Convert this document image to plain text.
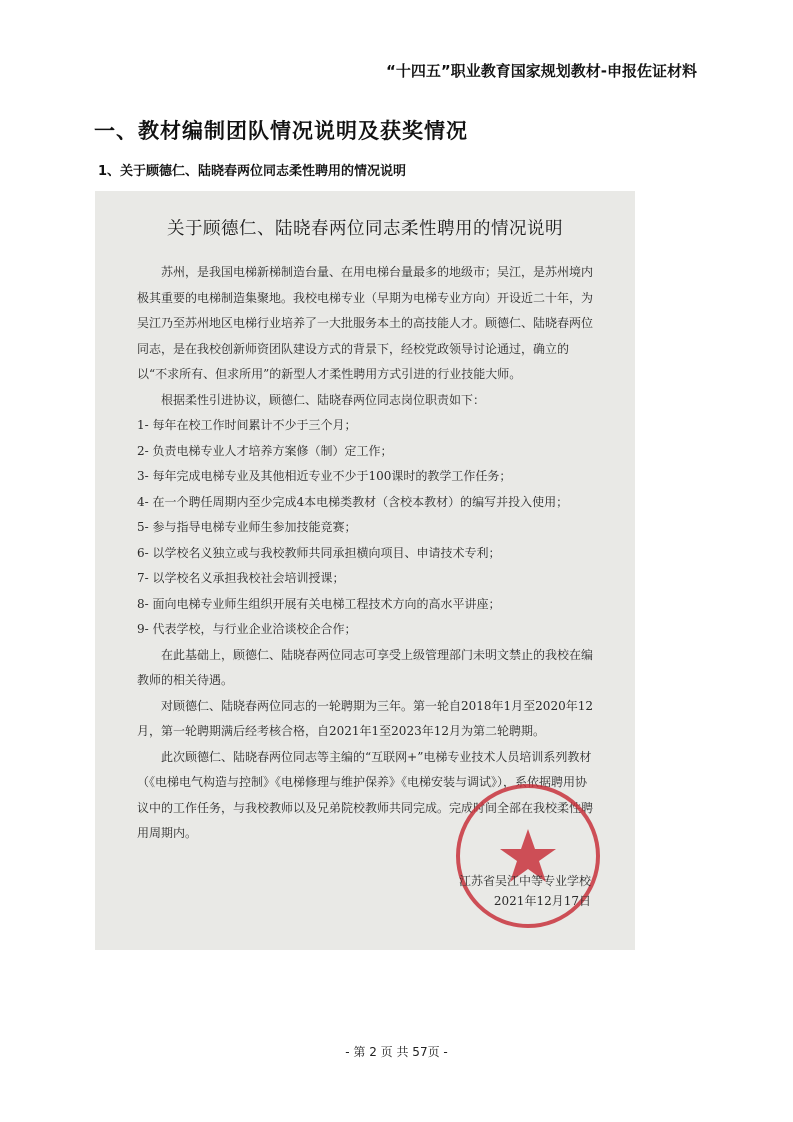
“十四五”职业教育国家规划教材-申报佐证材料
一、教材编制团队情况说明及获奖情况
1、关于顾德仁、陆晓春两位同志柔性聘用的情况说明
关于顾德仁、陆晓春两位同志柔性聘用的情况说明

苏州，是我国电梯新梯制造台量、在用电梯台量最多的地级市；吴江，是苏州境内极其重要的电梯制造集聚地。我校电梯专业（早期为电梯专业方向）开设近二十年，为吴江乃至苏州地区电梯行业培养了一大批服务本土的高技能人才。顾德仁、陆晓春两位同志，是在我校创新师资团队建设方式的背景下，经校党政领导讨论通过，确立的以“不求所有、但求所用”的新型人才柔性聘用方式引进的行业技能大师。

根据柔性引进协议，顾德仁、陆晓春两位同志岗位职责如下：

1- 每年在校工作时间累计不少于三个月；
2- 负责电梯专业人才培养方案修（制）定工作；
3- 每年完成电梯专业及其他相近专业不少于100课时的教学工作任务；
4- 在一个聘任周期内至少完成4本电梯类教材（含校本教材）的编写并投入使用；
5- 参与指导电梯专业师生参加技能竞赛；
6- 以学校名义独立或与我校教师共同承担横向项目、申请技术专利；
7- 以学校名义承担我校社会培训授课；
8- 面向电梯专业师生组织开展有关电梯工程技术方向的高水平讲座；
9- 代表学校，与行业企业洽谈校企合作；

在此基础上，顾德仁、陆晓春两位同志可享受上级管理部门未明文禁止的我校在编教师的相关待遇。

对顾德仁、陆晓春两位同志的一轮聘期为三年。第一轮自2018年1月至2020年12月，第一轮聘期满后经考核合格，自2021年1至2023年12月为第二轮聘期。

此次顾德仁、陆晓春两位同志等主编的“互联网+”电梯专业技术人员培训系列教材（《电梯电气构造与控制》《电梯修理与维护保养》《电梯安装与调试》），系依据聘用协议中的工作任务，与我校教师以及兄弟院校教师共同完成。完成时间全部在我校柔性聘用周期内。

江苏省吴江中等专业学校
2021年12月17日
- 第 2 页 共 57页 -
